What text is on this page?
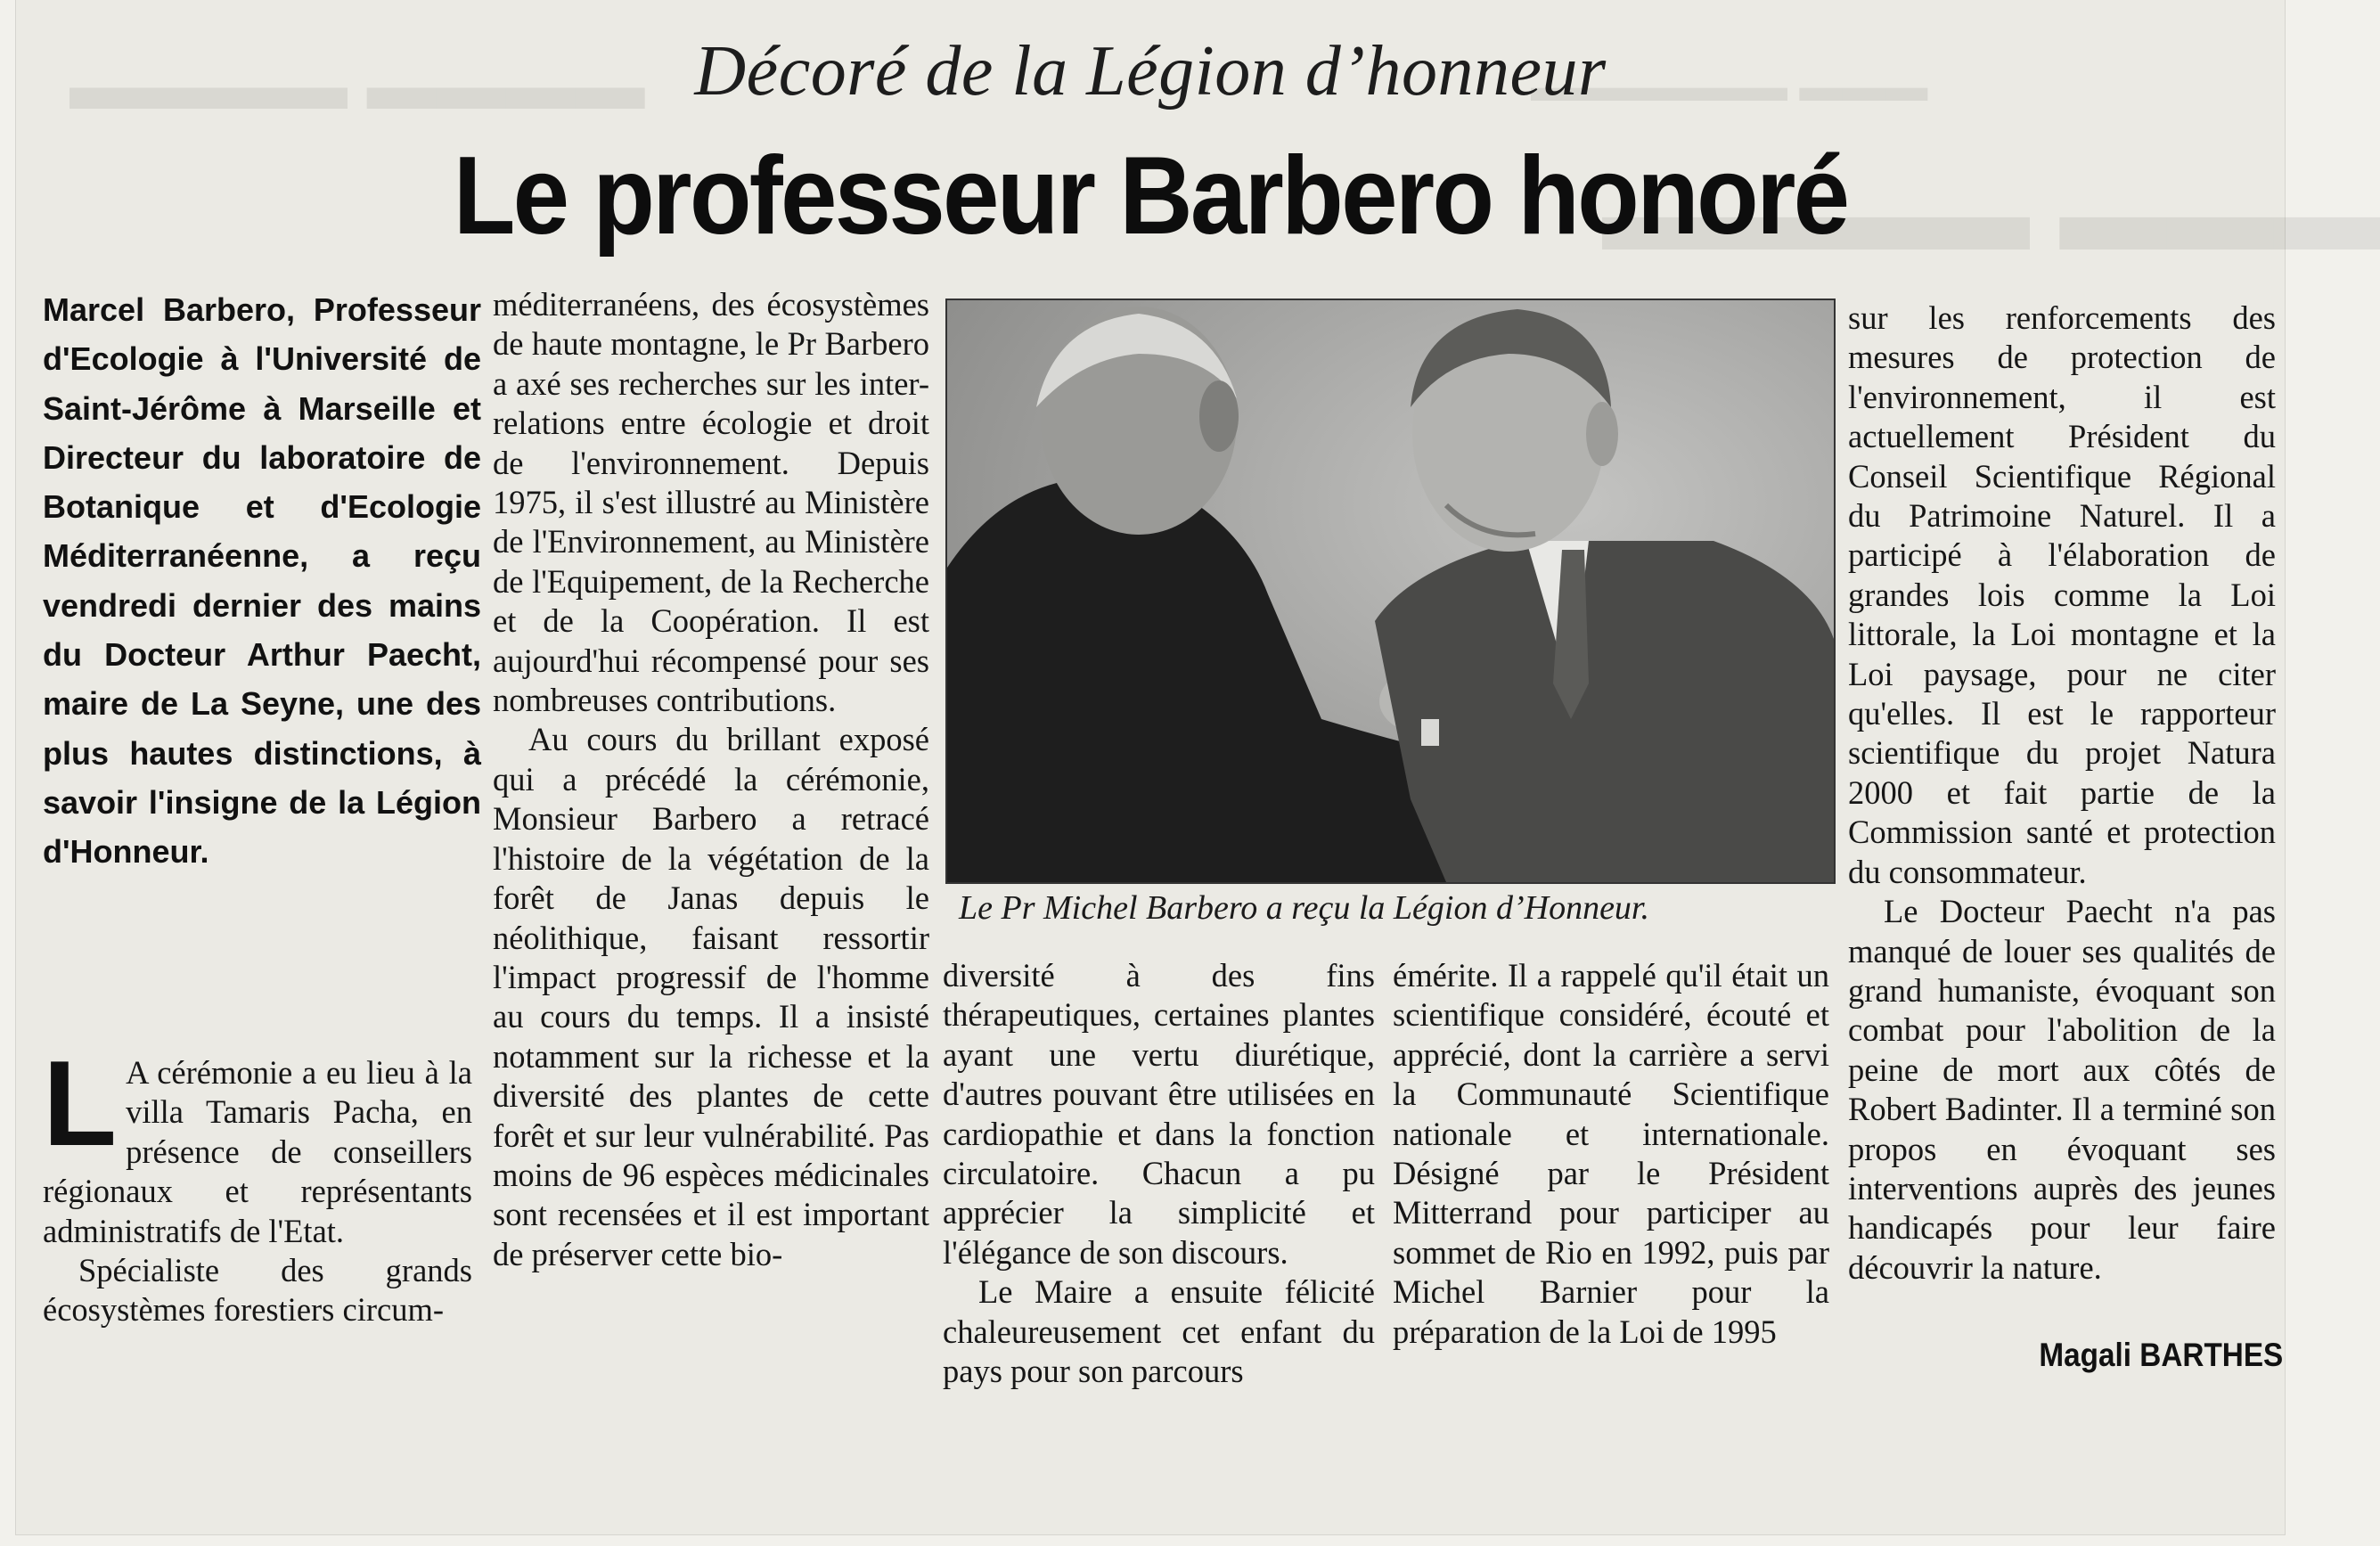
▬▬▬▬ ▬▬▬▬	▬▬▬ ▬▬▬▬▬▬
▬▬▬ ▬▬▬▬
Décoré de la Légion d’honneur
Le professeur Barbero honoré
Marcel Barbero, Professeur d'Ecologie à l'Université de Saint-Jérôme à Marseille et Directeur du laboratoire de Botanique et d'Ecologie Méditerranéenne, a reçu vendredi dernier des mains du Docteur Arthur Paecht, maire de La Seyne, une des plus hautes distinctions, à savoir l'insigne de la Légion d'Honneur.
L A cérémonie a eu lieu à la villa Tamaris Pacha, en présence de conseillers régionaux et représentants administratifs de l'Etat.

Spécialiste des grands écosystèmes forestiers circum-

méditerranéens, des écosystèmes de haute montagne, le Pr Barbero a axé ses recherches sur les inter-relations entre écologie et droit de l'environnement. Depuis 1975, il s'est illustré au Ministère de l'Environnement, au Ministère de l'Equipement, de la Recherche et de la Coopération. Il est aujourd'hui récompensé pour ses nombreuses contributions.

Au cours du brillant exposé qui a précédé la cérémonie, Monsieur Barbero a retracé l'histoire de la végétation de la forêt de Janas depuis le néolithique, faisant ressortir l'impact progressif de l'homme au cours du temps. Il a insisté notamment sur la richesse et la diversité des plantes de cette forêt et sur leur vulnérabilité. Pas moins de 96 espèces médicinales sont recensées et il est important de préserver cette bio-

Le Pr Michel Barbero a reçu la Légion d’Honneur.

diversité à des fins thérapeutiques, certaines plantes ayant une vertu diurétique, d'autres pouvant être utilisées en cardiopathie et dans la fonction circulatoire. Chacun a pu apprécier la simplicité et l'élégance de son discours.

Le Maire a ensuite félicité chaleureusement cet enfant du pays pour son parcours

émérite. Il a rappelé qu'il était un scientifique considéré, écouté et apprécié, dont la carrière a servi la Communauté Scientifique nationale et internationale. Désigné par le Président Mitterrand pour participer au sommet de Rio en 1992, puis par Michel Barnier pour la préparation de la Loi de 1995

sur les renforcements des mesures de protection de l'environnement, il est actuellement Président du Conseil Scientifique Régional du Patrimoine Naturel. Il a participé à l'élaboration de grandes lois comme la Loi littorale, la Loi montagne et la Loi paysage, pour ne citer qu'elles. Il est le rapporteur scientifique du projet Natura 2000 et fait partie de la Commission santé et protection du consommateur.

Le Docteur Paecht n'a pas manqué de louer ses qualités de grand humaniste, évoquant son combat pour l'abolition de la peine de mort aux côtés de Robert Badinter. Il a terminé son propos en évoquant ses interventions auprès des jeunes handicapés pour leur faire découvrir la nature.

Magali BARTHES
